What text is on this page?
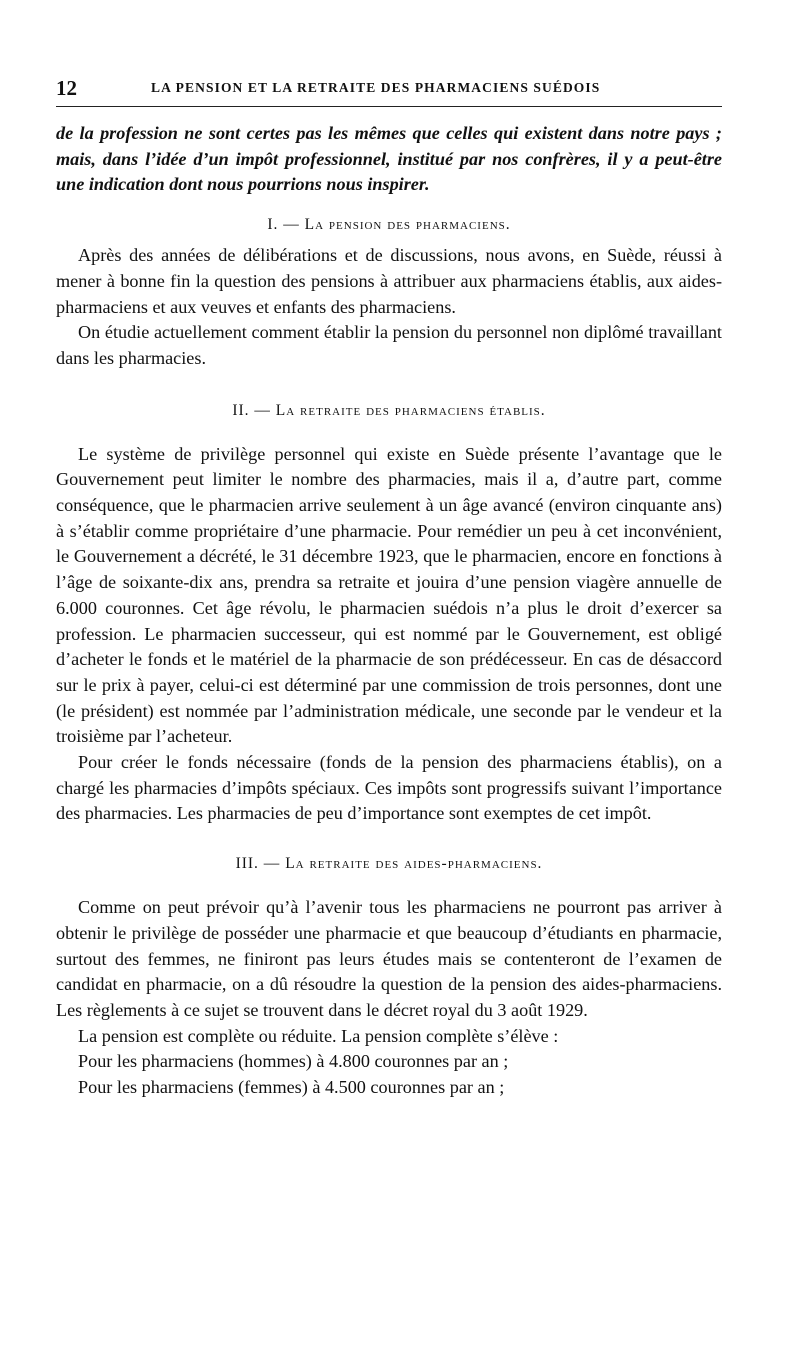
12	LA PENSION ET LA RETRAITE DES PHARMACIENS SUÉDOIS

de la profession ne sont certes pas les mêmes que celles qui existent dans notre pays ; mais, dans l’idée d’un impôt professionnel, institué par nos confrères, il y a peut-être une indication dont nous pourrions nous inspirer.

I. — La pension des pharmaciens.

Après des années de délibérations et de discussions, nous avons, en Suède, réussi à mener à bonne fin la question des pensions à attribuer aux pharmaciens établis, aux aides-pharmaciens et aux veuves et enfants des pharmaciens.

On étudie actuellement comment établir la pension du personnel non diplômé travaillant dans les pharmacies.

II. — La retraite des pharmaciens établis.

Le système de privilège personnel qui existe en Suède présente l’avantage que le Gouvernement peut limiter le nombre des pharmacies, mais il a, d’autre part, comme conséquence, que le pharmacien arrive seulement à un âge avancé (environ cinquante ans) à s’établir comme propriétaire d’une pharmacie. Pour remédier un peu à cet inconvénient, le Gouvernement a décrété, le 31 décembre 1923, que le pharmacien, encore en fonctions à l’âge de soixante-dix ans, prendra sa retraite et jouira d’une pension viagère annuelle de 6.000 couronnes. Cet âge révolu, le pharmacien suédois n’a plus le droit d’exercer sa profession. Le pharmacien successeur, qui est nommé par le Gouvernement, est obligé d’acheter le fonds et le matériel de la pharmacie de son prédécesseur. En cas de désaccord sur le prix à payer, celui-ci est déterminé par une commission de trois personnes, dont une (le président) est nommée par l’administration médicale, une seconde par le vendeur et la troisième par l’acheteur.

Pour créer le fonds nécessaire (fonds de la pension des pharmaciens établis), on a chargé les pharmacies d’impôts spéciaux. Ces impôts sont progressifs suivant l’importance des pharmacies. Les pharmacies de peu d’importance sont exemptes de cet impôt.

III. — La retraite des aides-pharmaciens.

Comme on peut prévoir qu’à l’avenir tous les pharmaciens ne pourront pas arriver à obtenir le privilège de posséder une pharmacie et que beaucoup d’étudiants en pharmacie, surtout des femmes, ne finiront pas leurs études mais se contenteront de l’examen de candidat en pharmacie, on a dû résoudre la question de la pension des aides-pharmaciens. Les règlements à ce sujet se trouvent dans le décret royal du 3 août 1929.

La pension est complète ou réduite. La pension complète s’élève :

Pour les pharmaciens (hommes) à 4.800 couronnes par an ;

Pour les pharmaciens (femmes) à 4.500 couronnes par an ;
